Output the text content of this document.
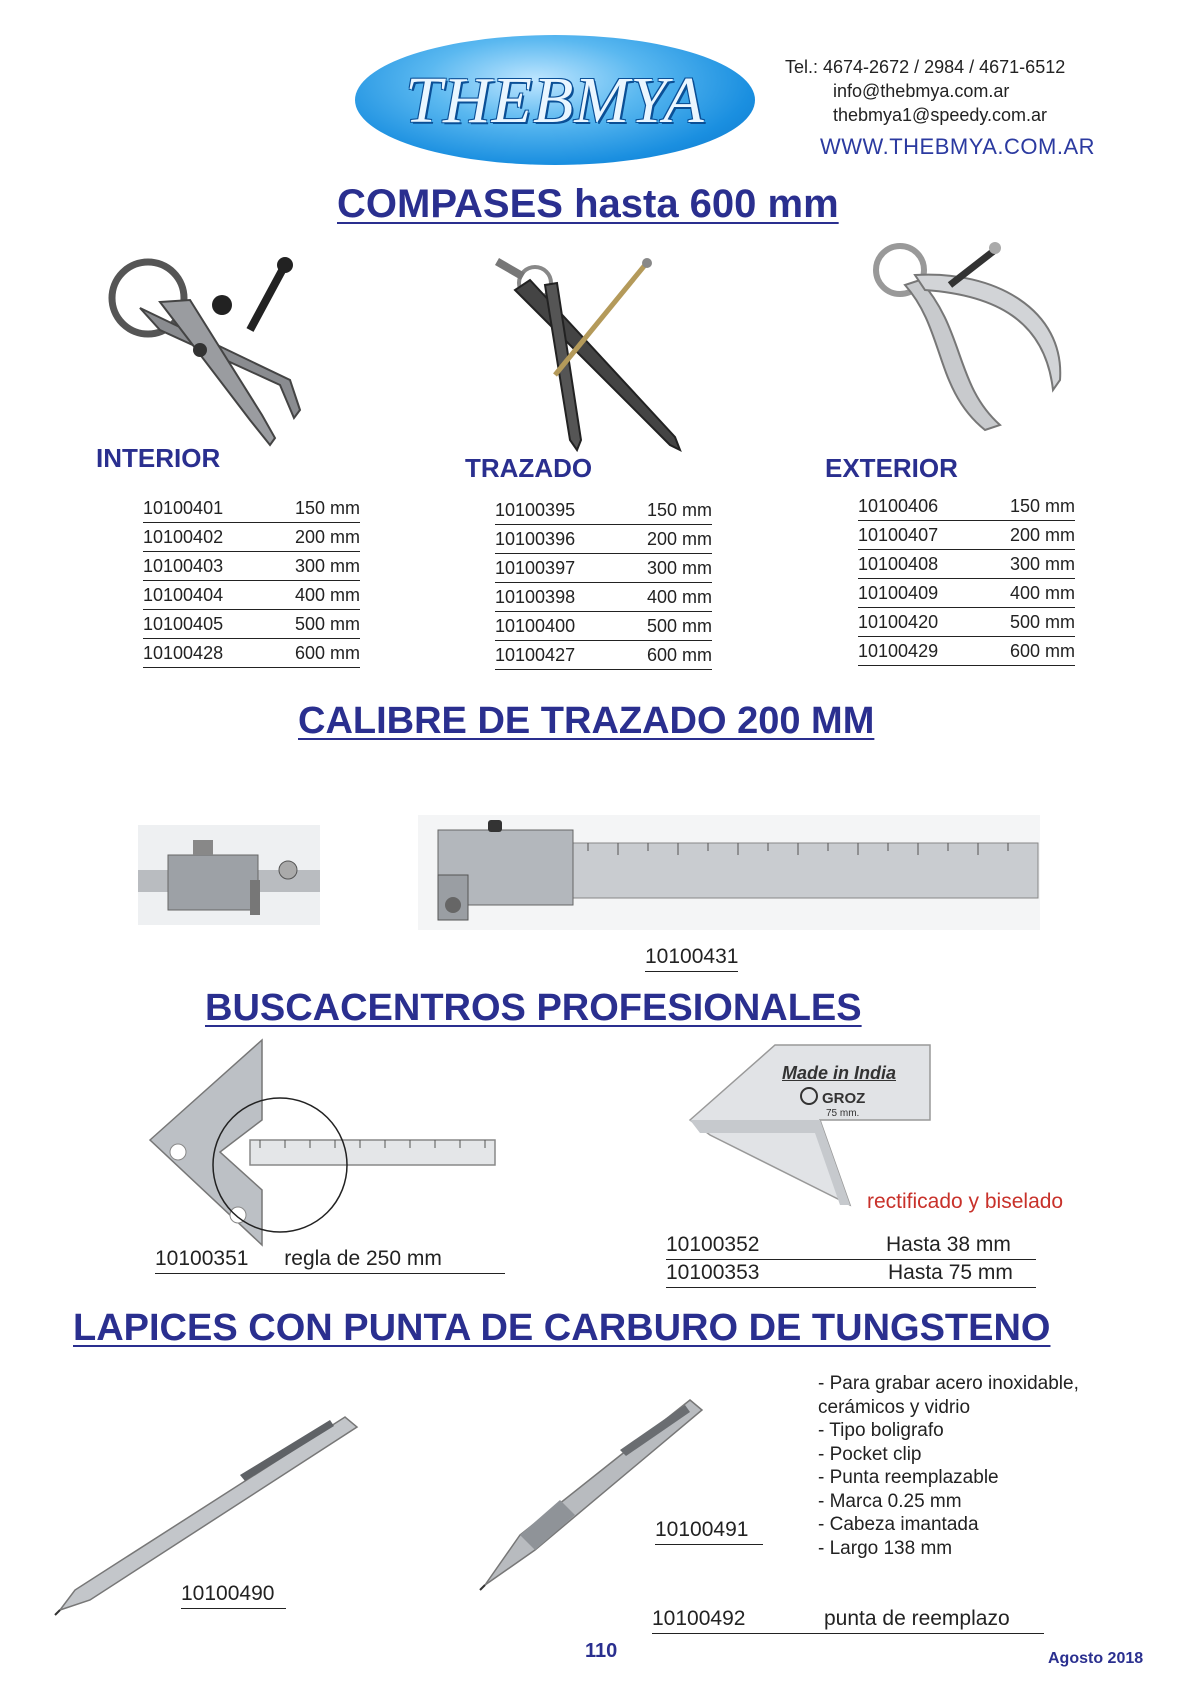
THEBMYA	Tel.: 4674-2672 / 2984 / 4671-6512
info@thebmya.com.ar
thebmya1@speedy.com.ar
WWW.THEBMYA.COM.AR
COMPASES hasta 600 mm
INTERIOR
10100401	150 mm
10100402	200 mm
10100403	300 mm
10100404	400 mm
10100405	500 mm
10100428	600 mm
TRAZADO
10100395	150 mm
10100396	200 mm
10100397	300 mm
10100398	400 mm
10100400	500 mm
10100427	600 mm
EXTERIOR
10100406	150 mm
10100407	200 mm
10100408	300 mm
10100409	400 mm
10100420	500 mm
10100429	600 mm
CALIBRE DE TRAZADO 200 MM
10100431
BUSCACENTROS PROFESIONALES
10100351 regla de 250 mm
Made in India
GROZ
75 mm.
rectificado y biselado
10100352	Hasta 38 mm
10100353	Hasta 75 mm
LAPICES CON PUNTA DE CARBURO DE TUNGSTENO
10100490
10100491
- Para grabar acero inoxidable,
cerámicos y vidrio
- Tipo boligrafo
- Pocket clip
- Punta reemplazable
- Marca 0.25 mm
- Cabeza imantada
- Largo 138 mm
10100492	punta de reemplazo
110	Agosto 2018
